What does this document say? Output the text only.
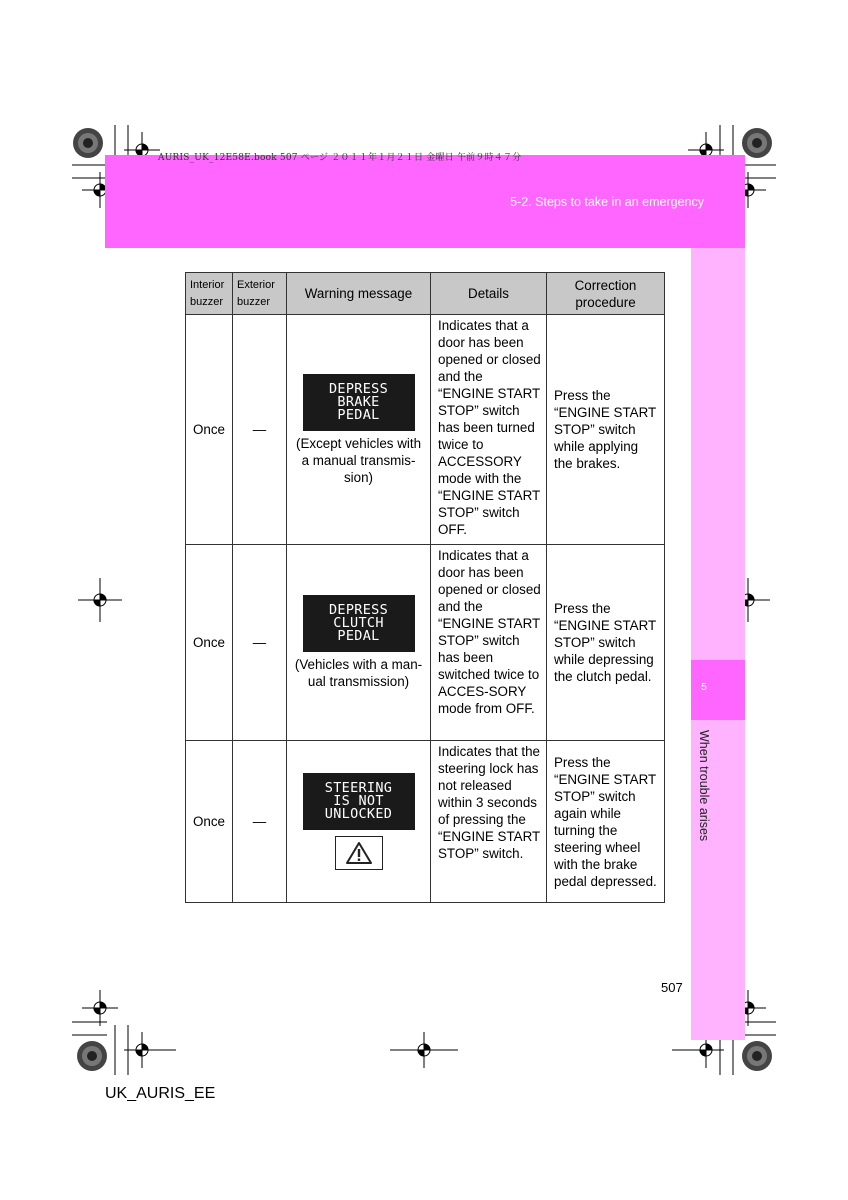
AURIS_UK_12E58E.book 507 ページ ２０１１年１月２１日 金曜日 午前９時４７分
5-2. Steps to take in an emergency
5
When trouble arises
Interior buzzer	Exterior buzzer	Warning message	Details	Correction procedure
Once	—	DEPRESS
BRAKE
PEDAL
(Except vehicles with a manual transmis-sion)	Indicates that a door has been opened or closed and the “ENGINE START STOP” switch has been turned twice to ACCESSORY mode with the “ENGINE START STOP” switch OFF.	Press the “ENGINE START STOP” switch while applying the brakes.
Once	—	DEPRESS
CLUTCH
PEDAL
(Vehicles with a man-ual transmission)	Indicates that a door has been opened or closed and the “ENGINE START STOP” switch has been switched twice to ACCES-SORY mode from OFF.	Press the “ENGINE START STOP” switch while depressing the clutch pedal.
Once	—	STEERING
IS NOT
UNLOCKED	Indicates that the steering lock has not released within 3 seconds of pressing the “ENGINE START STOP” switch.	Press the “ENGINE START STOP” switch again while turning the steering wheel with the brake pedal depressed.
507
UK_AURIS_EE
